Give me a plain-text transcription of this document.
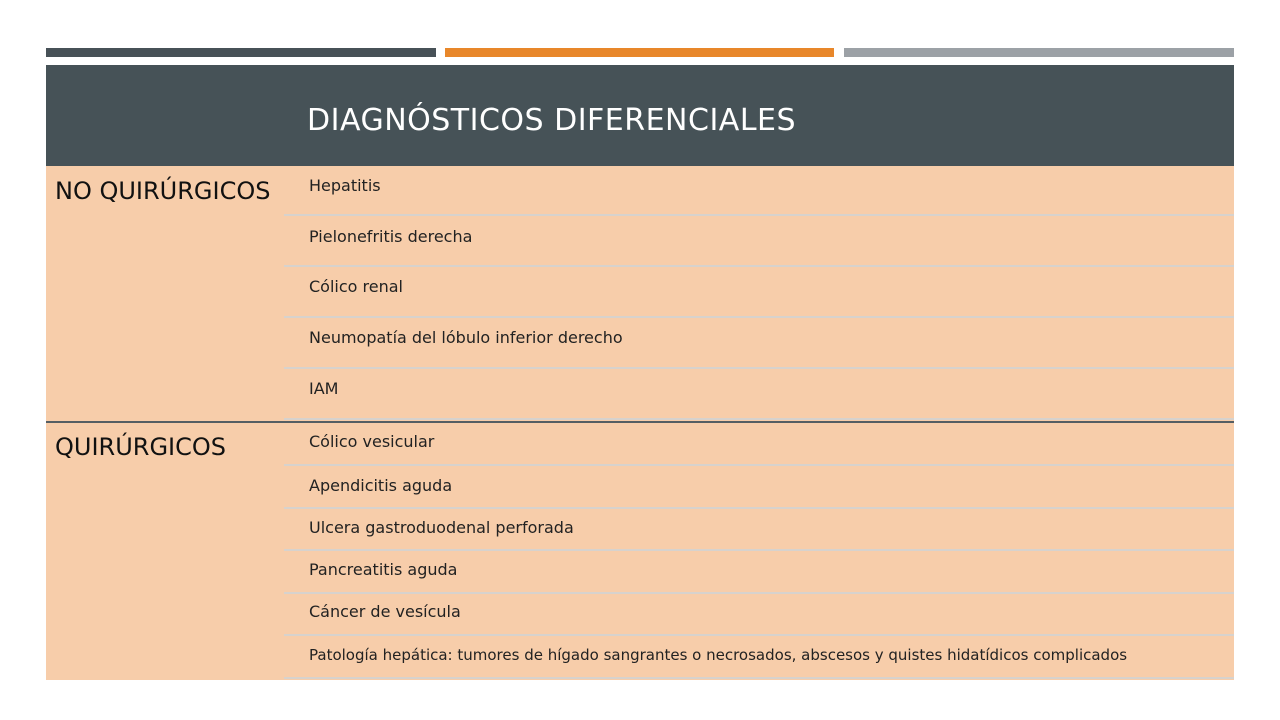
DIAGNÓSTICOS DIFERENCIALES
NO QUIRÚRGICOS
QUIRÚRGICOS
Hepatitis
Pielonefritis derecha
Cólico renal
Neumopatía del lóbulo inferior derecho
IAM
Cólico vesicular
Apendicitis aguda
Ulcera gastroduodenal perforada
Pancreatitis aguda
Cáncer de vesícula
Patología hepática: tumores de hígado sangrantes o necrosados, abscesos y quistes hidatídicos complicados
